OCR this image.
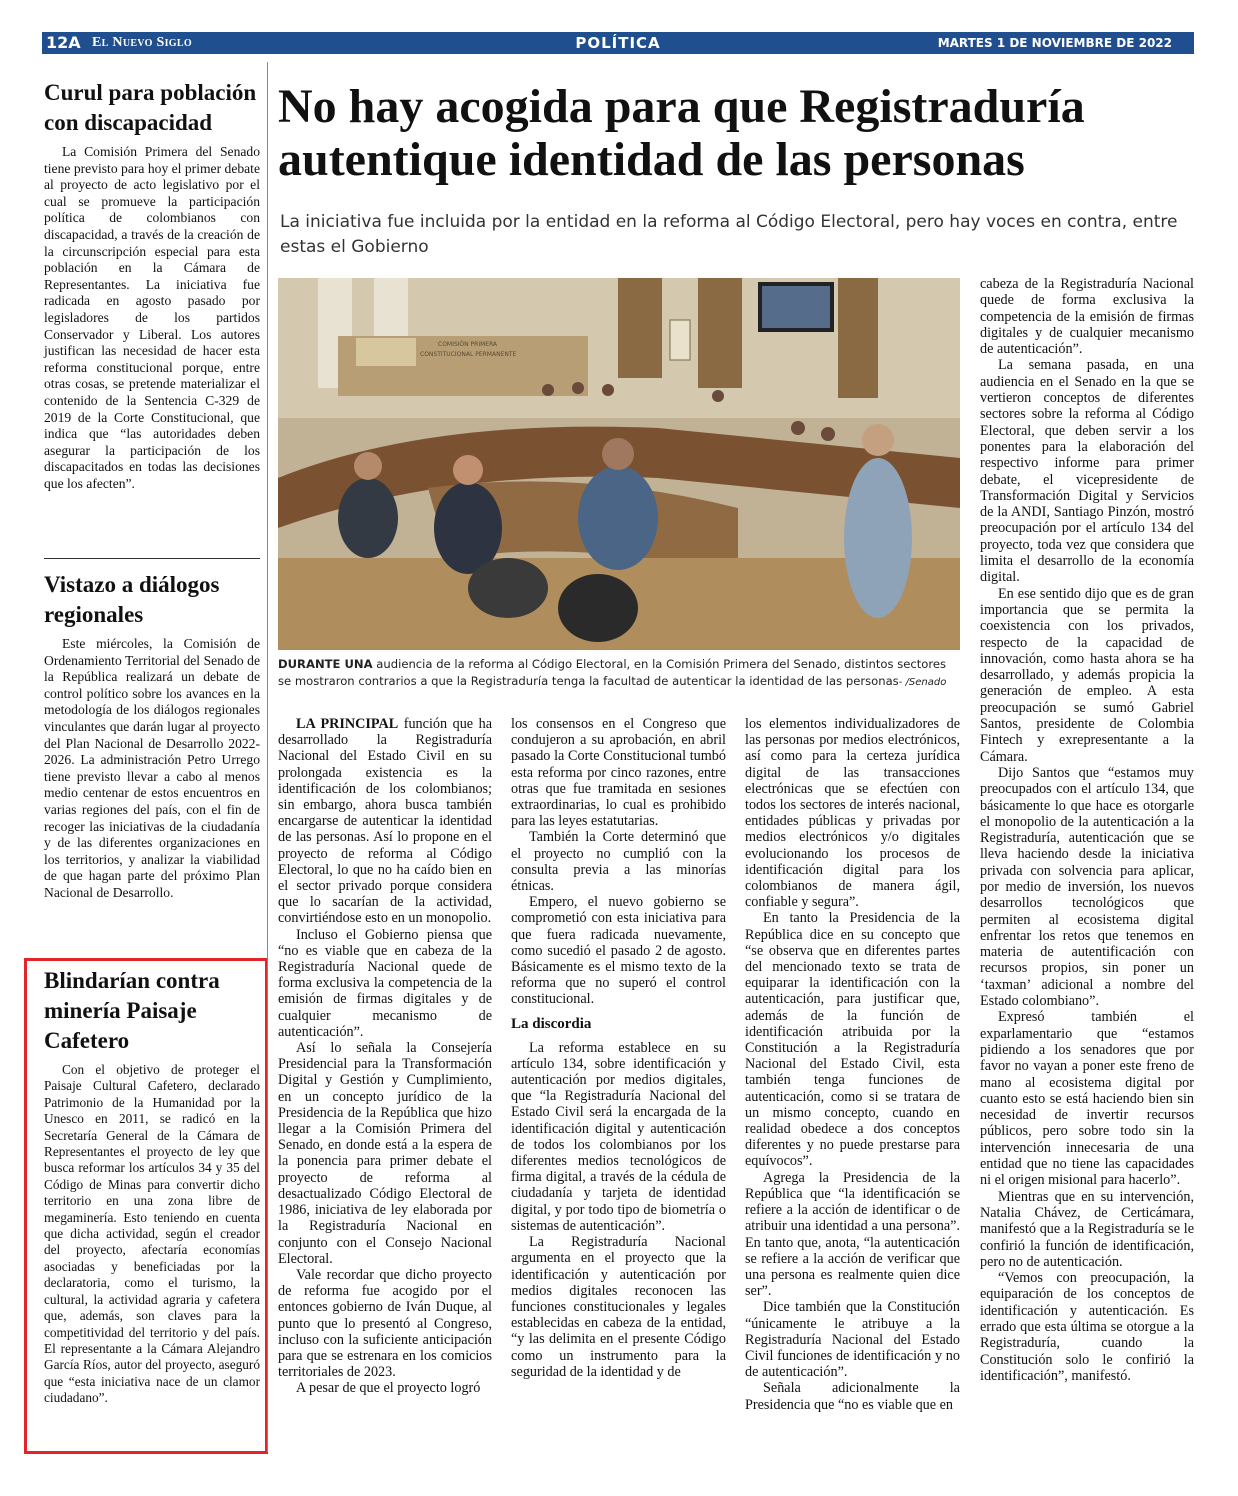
12A El Nuevo Siglo	POLÍTICA	MARTES 1 DE NOVIEMBRE DE 2022
Curul para población con discapacidad

La Comisión Primera del Senado tiene previsto para hoy el primer debate al proyecto de acto legislativo por el cual se promueve la participación política de colombianos con discapacidad, a través de la creación de la circunscripción especial para esta población en la Cámara de Representantes. La iniciativa fue radicada en agosto pasado por legisladores de los partidos Conservador y Liberal. Los autores justifican las necesidad de hacer esta reforma constitucional porque, entre otras cosas, se pretende materializar el contenido de la Sentencia C-329 de 2019 de la Corte Constitucional, que indica que “las autoridades deben asegurar la participación de los discapacitados en todas las decisiones que los afecten”.

Vistazo a diálogos regionales

Este miércoles, la Comisión de Ordenamiento Territorial del Senado de la República realizará un debate de control político sobre los avances en la metodología de los diálogos regionales vinculantes que darán lugar al proyecto del Plan Nacional de Desarrollo 2022-2026. La administración Petro Urrego tiene previsto llevar a cabo al menos medio centenar de estos encuentros en varias regiones del país, con el fin de recoger las iniciativas de la ciudadanía y de las diferentes organizaciones en los territorios, y analizar la viabilidad de que hagan parte del próximo Plan Nacional de Desarrollo.

Blindarían contra minería Paisaje Cafetero

Con el objetivo de proteger el Paisaje Cultural Cafetero, declarado Patrimonio de la Humanidad por la Unesco en 2011, se radicó en la Secretaría General de la Cámara de Representantes el proyecto de ley que busca reformar los artículos 34 y 35 del Código de Minas para convertir dicho territorio en una zona libre de megaminería. Esto teniendo en cuenta que dicha actividad, según el creador del proyecto, afectaría economías asociadas y beneficiadas por la declaratoria, como el turismo, la cultural, la actividad agraria y cafetera que, además, son claves para la competitividad del territorio y del país. El representante a la Cámara Alejandro García Ríos, autor del proyecto, aseguró que “esta iniciativa nace de un clamor ciudadano”.

No hay acogida para que Registraduría autentique identidad de las personas

La iniciativa fue incluida por la entidad en la reforma al Código Electoral, pero hay voces en contra, entre estas el Gobierno

COMISIÓN PRIMERA
CONSTITUCIONAL PERMANENTE

DURANTE UNA audiencia de la reforma al Código Electoral, en la Comisión Primera del Senado, distintos sectores se mostraron contrarios a que la Registraduría tenga la facultad de autenticar la identidad de las personas- /Senado

LA PRINCIPAL función que ha desarrollado la Registraduría Nacional del Estado Civil en su prolongada existencia es la identificación de los colombianos; sin embargo, ahora busca también encargarse de autenticar la identidad de las personas. Así lo propone en el proyecto de reforma al Código Electoral, lo que no ha caído bien en el sector privado porque considera que lo sacarían de la actividad, convirtiéndose esto en un monopolio.

Incluso el Gobierno piensa que “no es viable que en cabeza de la Registraduría Nacional quede de forma exclusiva la competencia de la emisión de firmas digitales y de cualquier mecanismo de autenticación”.

Así lo señala la Consejería Presidencial para la Transformación Digital y Gestión y Cumplimiento, en un concepto jurídico de la Presidencia de la República que hizo llegar a la Comisión Primera del Senado, en donde está a la espera de la ponencia para primer debate el proyecto de reforma al desactualizado Código Electoral de 1986, iniciativa de ley elaborada por la Registraduría Nacional en conjunto con el Consejo Nacional Electoral.

Vale recordar que dicho proyecto de reforma fue acogido por el entonces gobierno de Iván Duque, al punto que lo presentó al Congreso, incluso con la suficiente anticipación para que se estrenara en los comicios territoriales de 2023.

A pesar de que el proyecto logró

los consensos en el Congreso que condujeron a su aprobación, en abril pasado la Corte Constitucional tumbó esta reforma por cinco razones, entre otras que fue tramitada en sesiones extraordinarias, lo cual es prohibido para las leyes estatutarias.

También la Corte determinó que el proyecto no cumplió con la consulta previa a las minorías étnicas.

Empero, el nuevo gobierno se comprometió con esta iniciativa para que fuera radicada nuevamente, como sucedió el pasado 2 de agosto. Básicamente es el mismo texto de la reforma que no superó el control constitucional.

La discordia

La reforma establece en su artículo 134, sobre identificación y autenticación por medios digitales, que “la Registraduría Nacional del Estado Civil será la encargada de la identificación digital y autenticación de todos los colombianos por los diferentes medios tecnológicos de firma digital, a través de la cédula de ciudadanía y tarjeta de identidad digital, y por todo tipo de biometría o sistemas de autenticación”.

La Registraduría Nacional argumenta en el proyecto que la identificación y autenticación por medios digitales reconocen las funciones constitucionales y legales establecidas en cabeza de la entidad, “y las delimita en el presente Código como un instrumento para la seguridad de la identidad y de

los elementos individualizadores de las personas por medios electrónicos, así como para la certeza jurídica digital de las transacciones electrónicas que se efectúen con todos los sectores de interés nacional, entidades públicas y privadas por medios electrónicos y/o digitales evolucionando los procesos de identificación digital para los colombianos de manera ágil, confiable y segura”.

En tanto la Presidencia de la República dice en su concepto que “se observa que en diferentes partes del mencionado texto se trata de equiparar la identificación con la autenticación, para justificar que, además de la función de identificación atribuida por la Constitución a la Registraduría Nacional del Estado Civil, esta también tenga funciones de autenticación, como si se tratara de un mismo concepto, cuando en realidad obedece a dos conceptos diferentes y no puede prestarse para equívocos”.

Agrega la Presidencia de la República que “la identificación se refiere a la acción de identificar o de atribuir una identidad a una persona”. En tanto que, anota, “la autenticación se refiere a la acción de verificar que una persona es realmente quien dice ser”.

Dice también que la Constitución “únicamente le atribuye a la Registraduría Nacional del Estado Civil funciones de identificación y no de autenticación”.

Señala adicionalmente la Presidencia que “no es viable que en

cabeza de la Registraduría Nacional quede de forma exclusiva la competencia de la emisión de firmas digitales y de cualquier mecanismo de autenticación”.

La semana pasada, en una audiencia en el Senado en la que se vertieron conceptos de diferentes sectores sobre la reforma al Código Electoral, que deben servir a los ponentes para la elaboración del respectivo informe para primer debate, el vicepresidente de Transformación Digital y Servicios de la ANDI, Santiago Pinzón, mostró preocupación por el artículo 134 del proyecto, toda vez que considera que limita el desarrollo de la economía digital.

En ese sentido dijo que es de gran importancia que se permita la coexistencia con los privados, respecto de la capacidad de innovación, como hasta ahora se ha desarrollado, y además propicia la generación de empleo. A esta preocupación se sumó Gabriel Santos, presidente de Colombia Fintech y exrepresentante a la Cámara.

Dijo Santos que “estamos muy preocupados con el artículo 134, que básicamente lo que hace es otorgarle el monopolio de la autenticación a la Registraduría, autenticación que se lleva haciendo desde la iniciativa privada con solvencia para aplicar, por medio de inversión, los nuevos desarrollos tecnológicos que permiten al ecosistema digital enfrentar los retos que tenemos en materia de autentificación con recursos propios, sin poner un ‘taxman’ adicional a nombre del Estado colombiano”.

Expresó también el exparlamentario que “estamos pidiendo a los senadores que por favor no vayan a poner este freno de mano al ecosistema digital por cuanto esto se está haciendo bien sin necesidad de invertir recursos públicos, pero sobre todo sin la intervención innecesaria de una entidad que no tiene las capacidades ni el origen misional para hacerlo”.

Mientras que en su intervención, Natalia Chávez, de Certicámara, manifestó que a la Registraduría se le confirió la función de identificación, pero no de autenticación.

“Vemos con preocupación, la equiparación de los conceptos de identificación y autenticación. Es errado que esta última se otorgue a la Registraduría, cuando la Constitución solo le confirió la identificación”, manifestó.
